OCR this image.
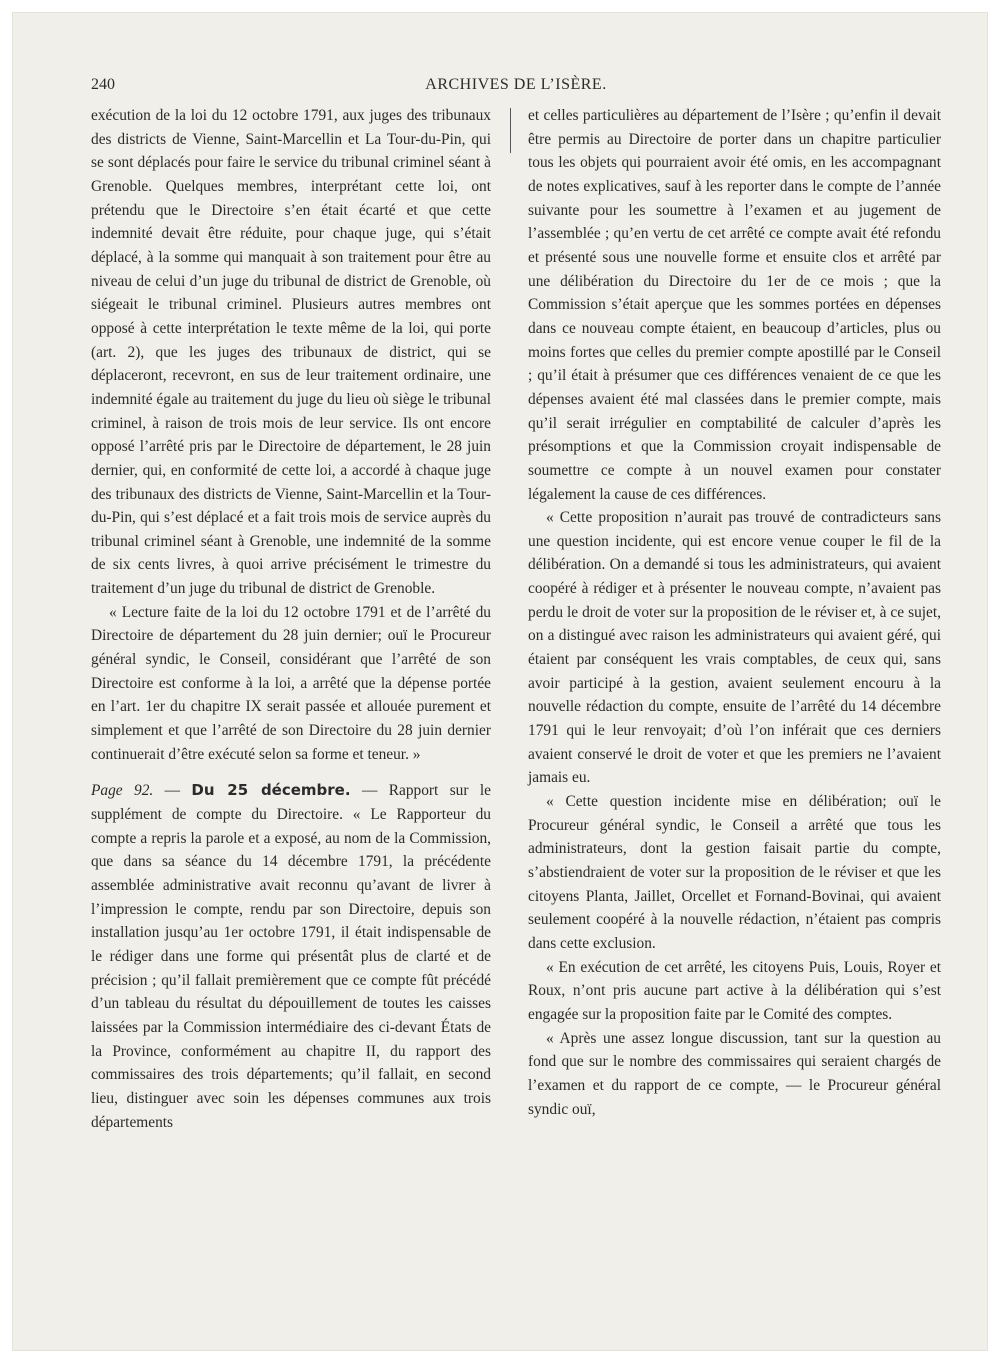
240	ARCHIVES DE L’ISÈRE.

exécution de la loi du 12 octobre 1791, aux juges des tribunaux des districts de Vienne, Saint-Marcellin et La Tour-du-Pin, qui se sont déplacés pour faire le service du tribunal criminel séant à Grenoble. Quelques membres, interprétant cette loi, ont prétendu que le Directoire s’en était écarté et que cette indemnité devait être réduite, pour chaque juge, qui s’était déplacé, à la somme qui manquait à son traitement pour être au niveau de celui d’un juge du tribunal de district de Grenoble, où siégeait le tribunal criminel. Plusieurs autres membres ont opposé à cette interprétation le texte même de la loi, qui porte (art. 2), que les juges des tribunaux de district, qui se déplaceront, recevront, en sus de leur traitement ordinaire, une indemnité égale au traitement du juge du lieu où siège le tribunal criminel, à raison de trois mois de leur service. Ils ont encore opposé l’arrêté pris par le Directoire de département, le 28 juin dernier, qui, en conformité de cette loi, a accordé à chaque juge des tribunaux des districts de Vienne, Saint-Marcellin et la Tour-du-Pin, qui s’est déplacé et a fait trois mois de service auprès du tribunal criminel séant à Grenoble, une indemnité de la somme de six cents livres, à quoi arrive précisément le trimestre du traitement d’un juge du tribunal de district de Grenoble.

« Lecture faite de la loi du 12 octobre 1791 et de l’arrêté du Directoire de département du 28 juin dernier; ouï le Procureur général syndic, le Conseil, considérant que l’arrêté de son Directoire est conforme à la loi, a arrêté que la dépense portée en l’art. 1er du chapitre IX serait passée et allouée purement et simplement et que l’arrêté de son Directoire du 28 juin dernier continuerait d’être exécuté selon sa forme et teneur. »

Page 92. — Du 25 décembre. — Rapport sur le supplément de compte du Directoire. « Le Rapporteur du compte a repris la parole et a exposé, au nom de la Commission, que dans sa séance du 14 décembre 1791, la précédente assemblée administrative avait reconnu qu’avant de livrer à l’impression le compte, rendu par son Directoire, depuis son installation jusqu’au 1er octobre 1791, il était indispensable de le rédiger dans une forme qui présentât plus de clarté et de précision ; qu’il fallait premièrement que ce compte fût précédé d’un tableau du résultat du dépouillement de toutes les caisses laissées par la Commission intermédiaire des ci-devant États de la Province, conformément au chapitre II, du rapport des commissaires des trois départements; qu’il fallait, en second lieu, distinguer avec soin les dépenses communes aux trois départements

et celles particulières au département de l’Isère ; qu’enfin il devait être permis au Directoire de porter dans un chapitre particulier tous les objets qui pourraient avoir été omis, en les accompagnant de notes explicatives, sauf à les reporter dans le compte de l’année suivante pour les soumettre à l’examen et au jugement de l’assemblée ; qu’en vertu de cet arrêté ce compte avait été refondu et présenté sous une nouvelle forme et ensuite clos et arrêté par une délibération du Directoire du 1er de ce mois ; que la Commission s’était aperçue que les sommes portées en dépenses dans ce nouveau compte étaient, en beaucoup d’articles, plus ou moins fortes que celles du premier compte apostillé par le Conseil ; qu’il était à présumer que ces différences venaient de ce que les dépenses avaient été mal classées dans le premier compte, mais qu’il serait irrégulier en comptabilité de calculer d’après les présomptions et que la Commission croyait indispensable de soumettre ce compte à un nouvel examen pour constater légalement la cause de ces différences.

« Cette proposition n’aurait pas trouvé de contradicteurs sans une question incidente, qui est encore venue couper le fil de la délibération. On a demandé si tous les administrateurs, qui avaient coopéré à rédiger et à présenter le nouveau compte, n’avaient pas perdu le droit de voter sur la proposition de le réviser et, à ce sujet, on a distingué avec raison les administrateurs qui avaient géré, qui étaient par conséquent les vrais comptables, de ceux qui, sans avoir participé à la gestion, avaient seulement encouru à la nouvelle rédaction du compte, ensuite de l’arrêté du 14 décembre 1791 qui le leur renvoyait; d’où l’on inférait que ces derniers avaient conservé le droit de voter et que les premiers ne l’avaient jamais eu.

« Cette question incidente mise en délibération; ouï le Procureur général syndic, le Conseil a arrêté que tous les administrateurs, dont la gestion faisait partie du compte, s’abstiendraient de voter sur la proposition de le réviser et que les citoyens Planta, Jaillet, Orcellet et Fornand-Bovinai, qui avaient seulement coopéré à la nouvelle rédaction, n’étaient pas compris dans cette exclusion.

« En exécution de cet arrêté, les citoyens Puis, Louis, Royer et Roux, n’ont pris aucune part active à la délibération qui s’est engagée sur la proposition faite par le Comité des comptes.

« Après une assez longue discussion, tant sur la question au fond que sur le nombre des commissaires qui seraient chargés de l’examen et du rapport de ce compte, — le Procureur général syndic ouï,
